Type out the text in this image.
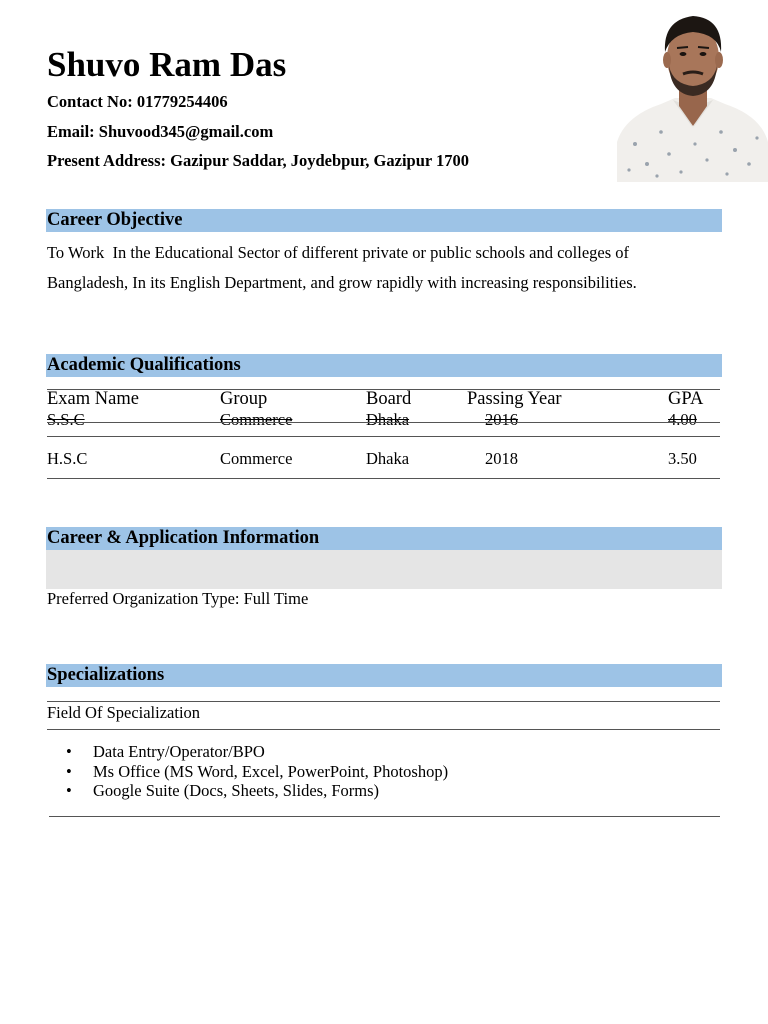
Shuvo Ram Das
Contact No: 01779254406
Email: Shuvood345@gmail.com
Present Address: Gazipur Saddar, Joydebpur, Gazipur 1700
Career Objective
To Work  In the Educational Sector of different private or public schools and colleges of
Bangladesh, In its English Department, and grow rapidly with increasing responsibilities.
Academic Qualifications
Exam Name	Group	Board	Passing Year	GPA
S.S.C	Commerce	Dhaka	2016	4.00
H.S.C	Commerce	Dhaka	2018	3.50
Career & Application Information
Preferred Organization Type: Full Time
Specializations
Field Of Specialization
• Data Entry/Operator/BPO
• Ms Office (MS Word, Excel, PowerPoint, Photoshop)
• Google Suite (Docs, Sheets, Slides, Forms)
